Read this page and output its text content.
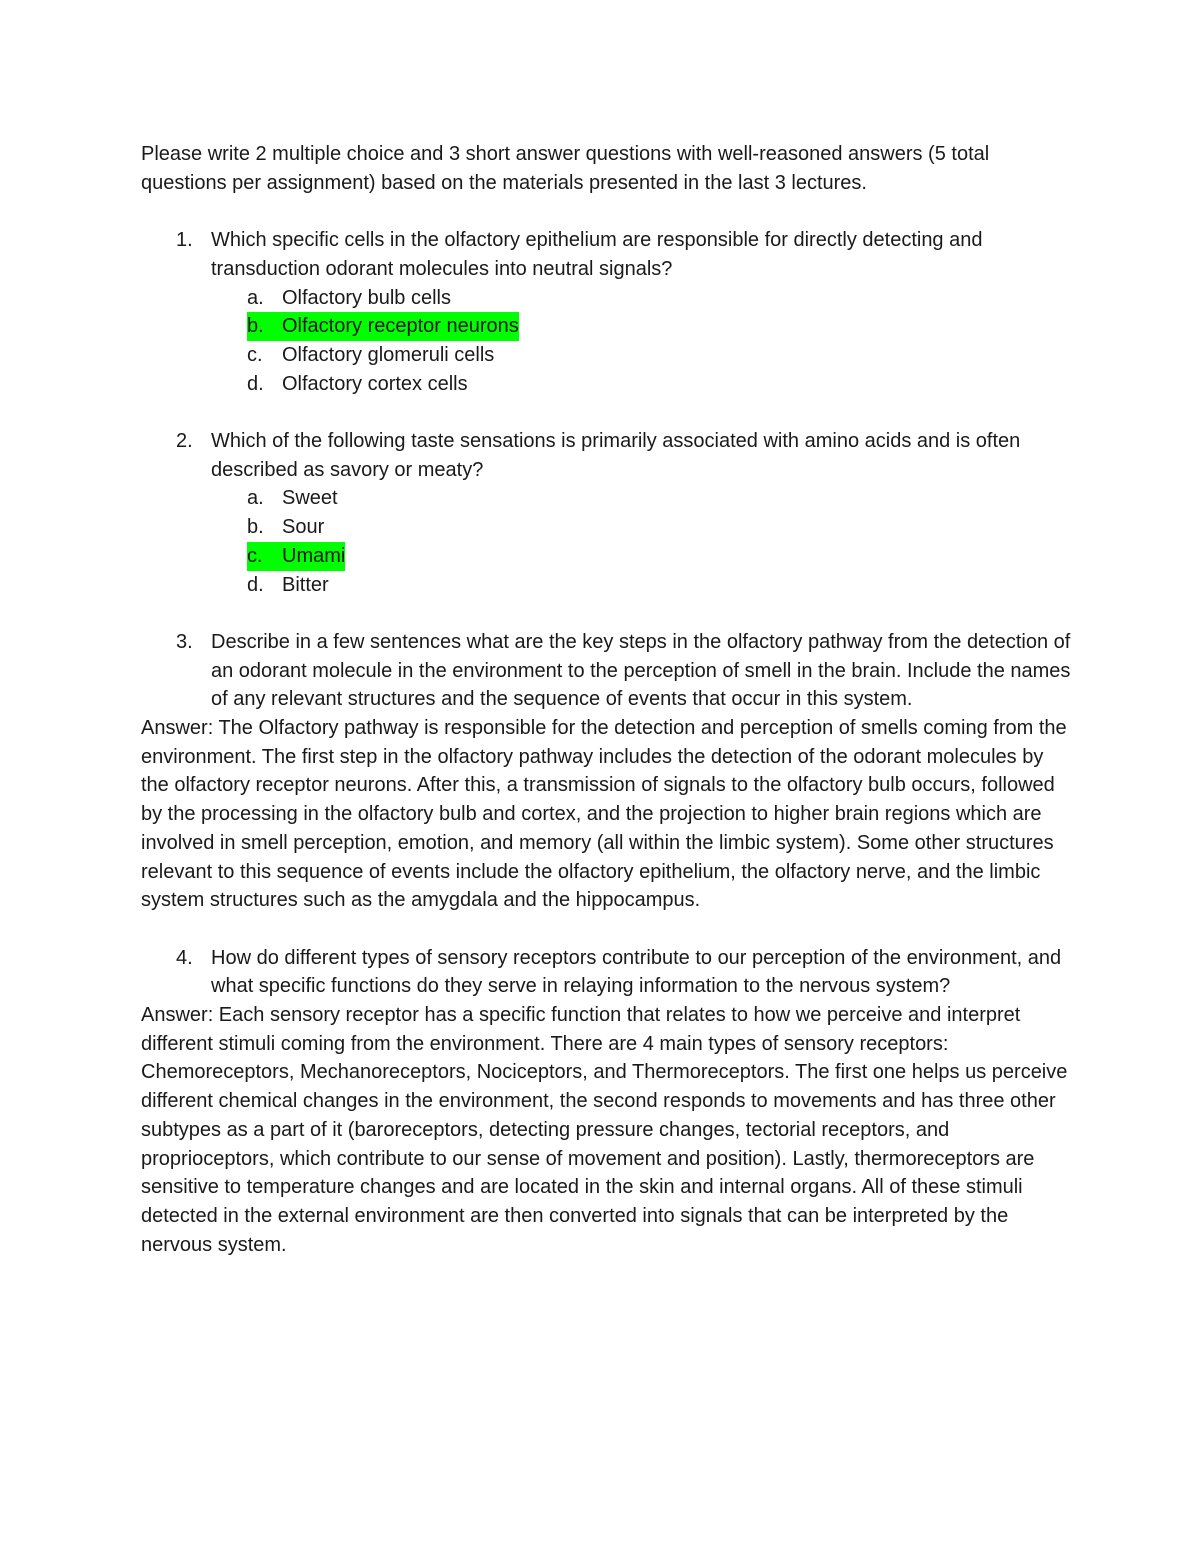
Please write 2 multiple choice and 3 short answer questions with well-reasoned answers (5 total questions per assignment) based on the materials presented in the last 3 lectures.

1. Which specific cells in the olfactory epithelium are responsible for directly detecting and transduction odorant molecules into neutral signals?
a. Olfactory bulb cells
b. Olfactory receptor neurons
c. Olfactory glomeruli cells
d. Olfactory cortex cells
2. Which of the following taste sensations is primarily associated with amino acids and is often described as savory or meaty?
a. Sweet
b. Sour
c. Umami
d. Bitter
3. Describe in a few sentences what are the key steps in the olfactory pathway from the detection of an odorant molecule in the environment to the perception of smell in the brain. Include the names of any relevant structures and the sequence of events that occur in this system.

Answer: The Olfactory pathway is responsible for the detection and perception of smells coming from the environment. The first step in the olfactory pathway includes the detection of the odorant molecules by the olfactory receptor neurons. After this, a transmission of signals to the olfactory bulb occurs, followed by the processing in the olfactory bulb and cortex, and the projection to higher brain regions which are involved in smell perception, emotion, and memory (all within the limbic system). Some other structures relevant to this sequence of events include the olfactory epithelium, the olfactory nerve, and the limbic system structures such as the amygdala and the hippocampus.

4. How do different types of sensory receptors contribute to our perception of the environment, and what specific functions do they serve in relaying information to the nervous system?

Answer: Each sensory receptor has a specific function that relates to how we perceive and interpret different stimuli coming from the environment. There are 4 main types of sensory receptors: Chemoreceptors, Mechanoreceptors, Nociceptors, and Thermoreceptors. The first one helps us perceive different chemical changes in the environment, the second responds to movements and has three other subtypes as a part of it (baroreceptors, detecting pressure changes, tectorial receptors, and proprioceptors, which contribute to our sense of movement and position). Lastly, thermoreceptors are sensitive to temperature changes and are located in the skin and internal organs. All of these stimuli detected in the external environment are then converted into signals that can be interpreted by the nervous system.
